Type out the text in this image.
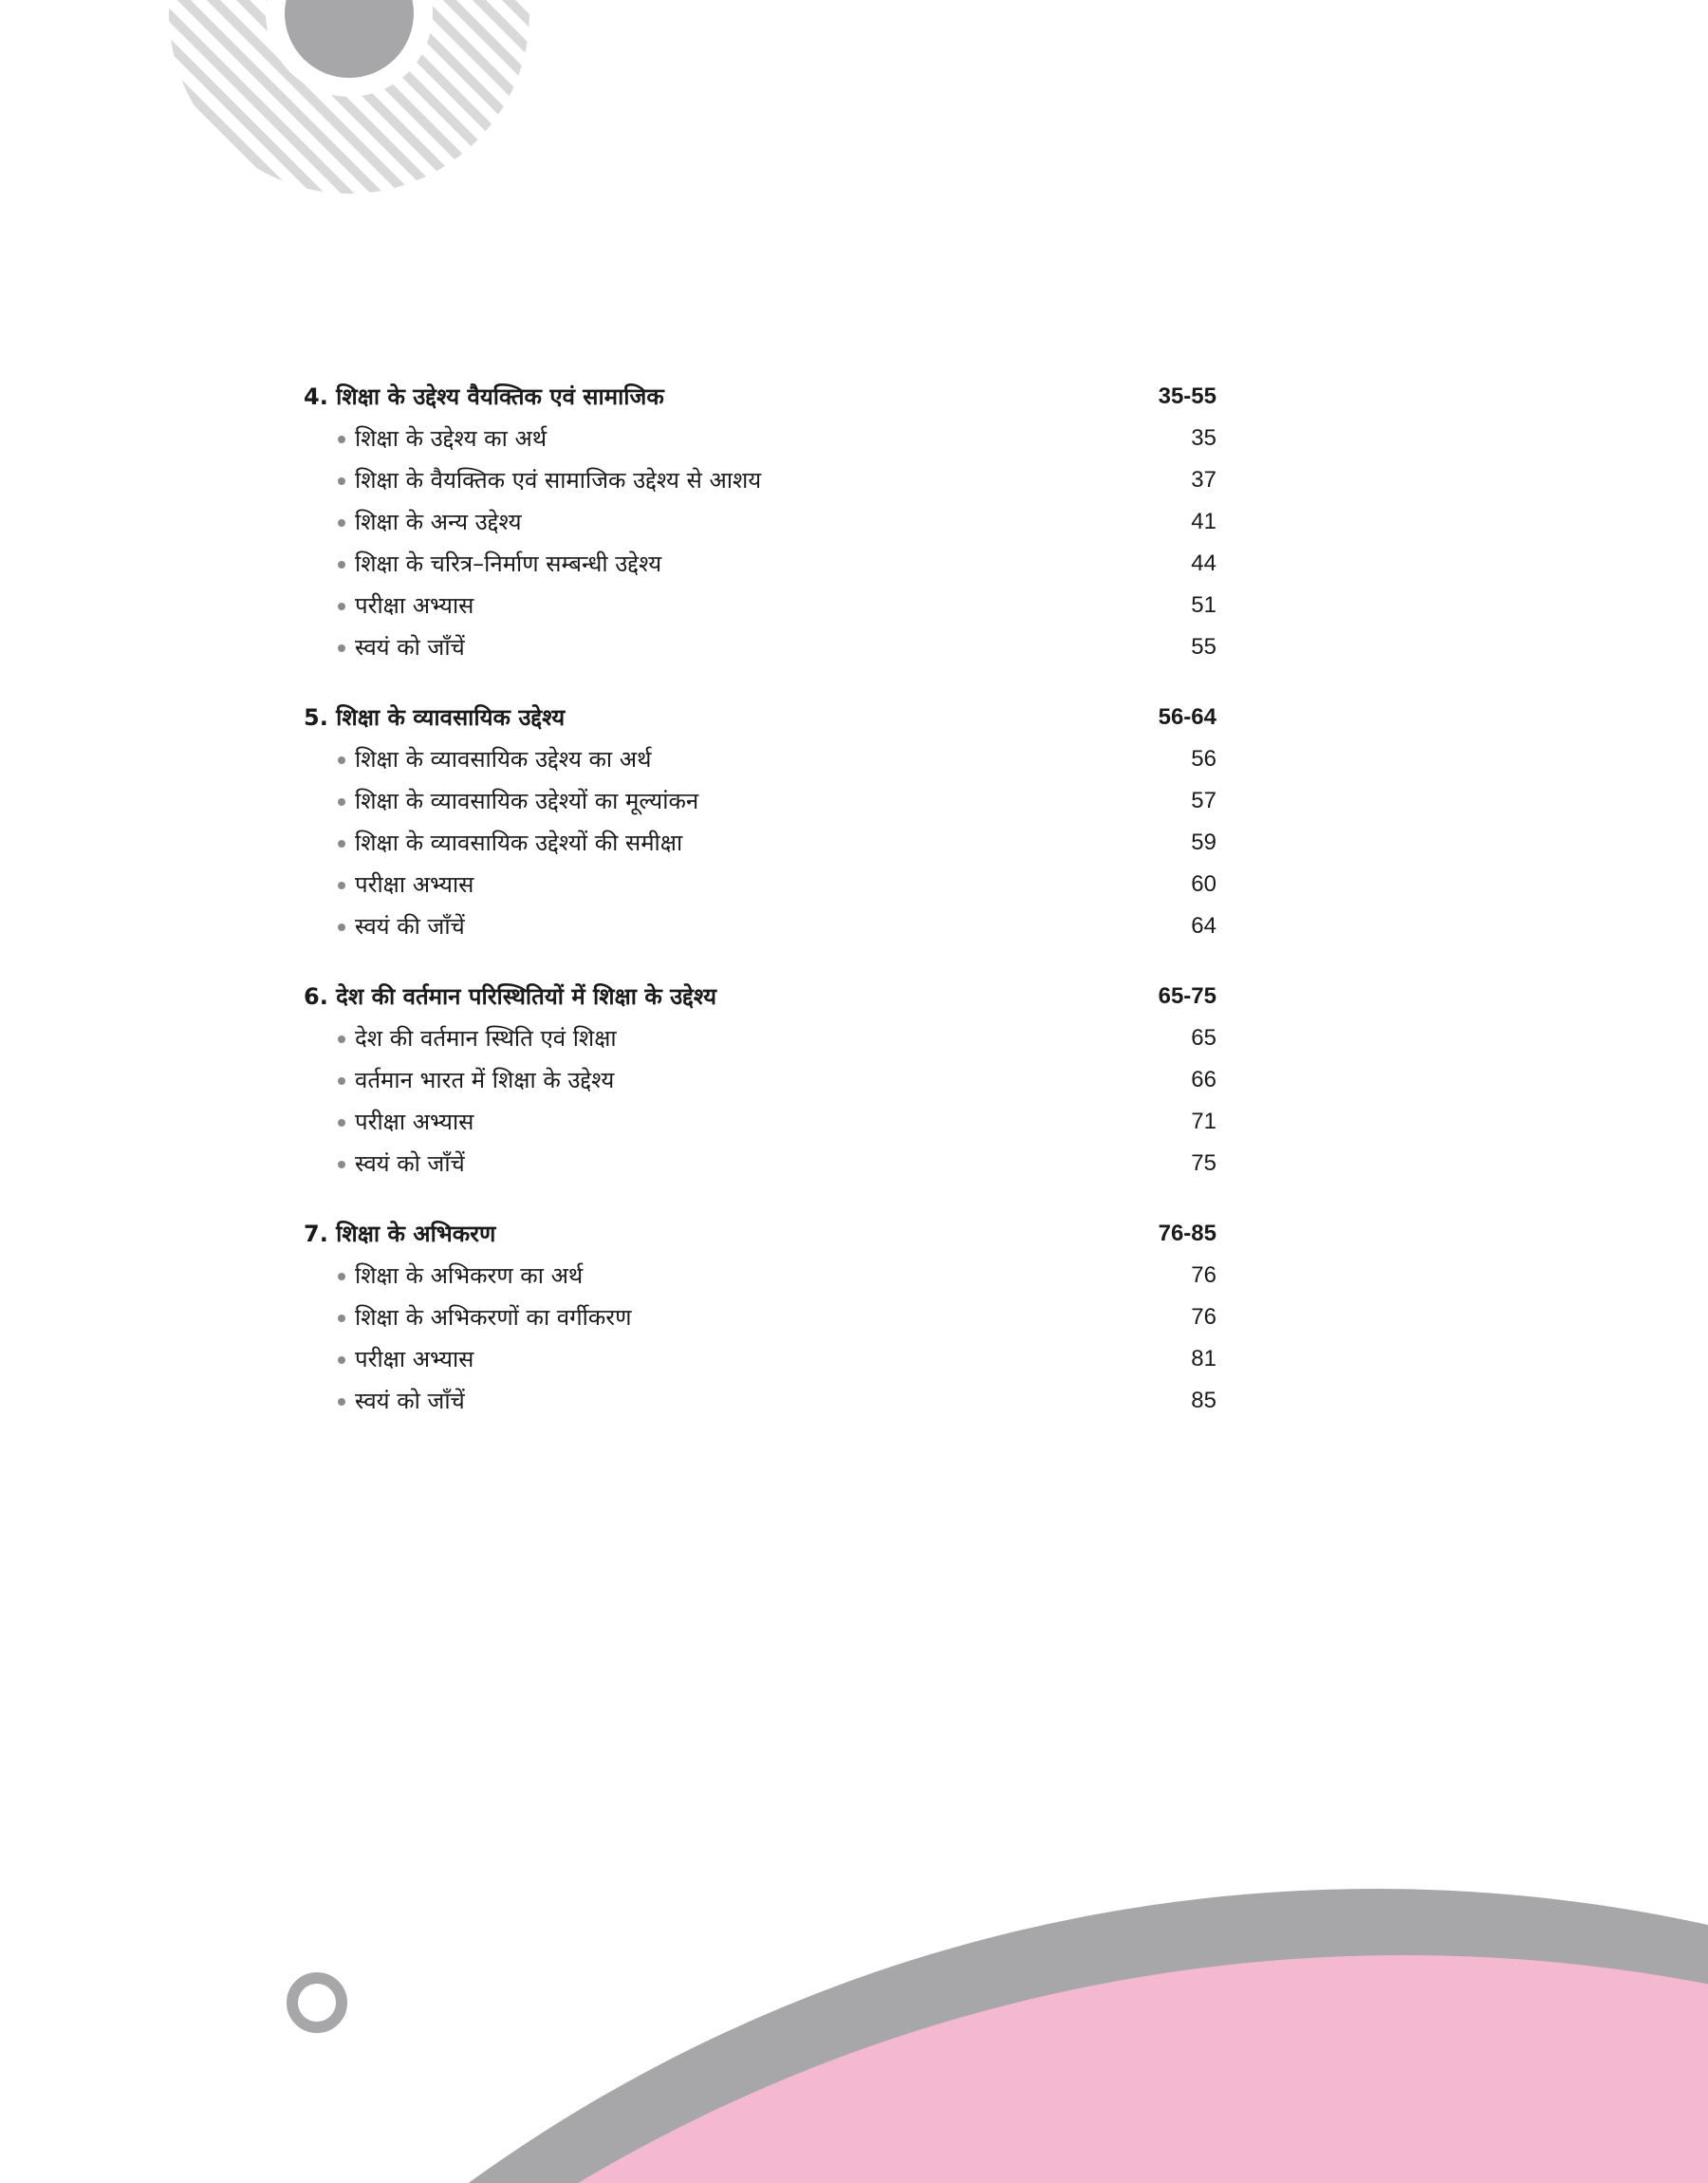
4. शिक्षा के उद्देश्य वैयक्तिक एवं सामाजिक	35-55
शिक्षा के उद्देश्य का अर्थ	35
शिक्षा के वैयक्तिक एवं सामाजिक उद्देश्य से आशय	37
शिक्षा के अन्य उद्देश्य	41
शिक्षा के चरित्र–निर्माण सम्बन्धी उद्देश्य	44
परीक्षा अभ्यास	51
स्वयं को जाँचें	55
5. शिक्षा के व्यावसायिक उद्देश्य	56-64
शिक्षा के व्यावसायिक उद्देश्य का अर्थ	56
शिक्षा के व्यावसायिक उद्देश्यों का मूल्यांकन	57
शिक्षा के व्यावसायिक उद्देश्यों की समीक्षा	59
परीक्षा अभ्यास	60
स्वयं की जाँचें	64
6. देश की वर्तमान परिस्थितियों में शिक्षा के उद्देश्य	65-75
देश की वर्तमान स्थिति एवं शिक्षा	65
वर्तमान भारत में शिक्षा के उद्देश्य	66
परीक्षा अभ्यास	71
स्वयं को जाँचें	75
7. शिक्षा के अभिकरण	76-85
शिक्षा के अभिकरण का अर्थ	76
शिक्षा के अभिकरणों का वर्गीकरण	76
परीक्षा अभ्यास	81
स्वयं को जाँचें	85
